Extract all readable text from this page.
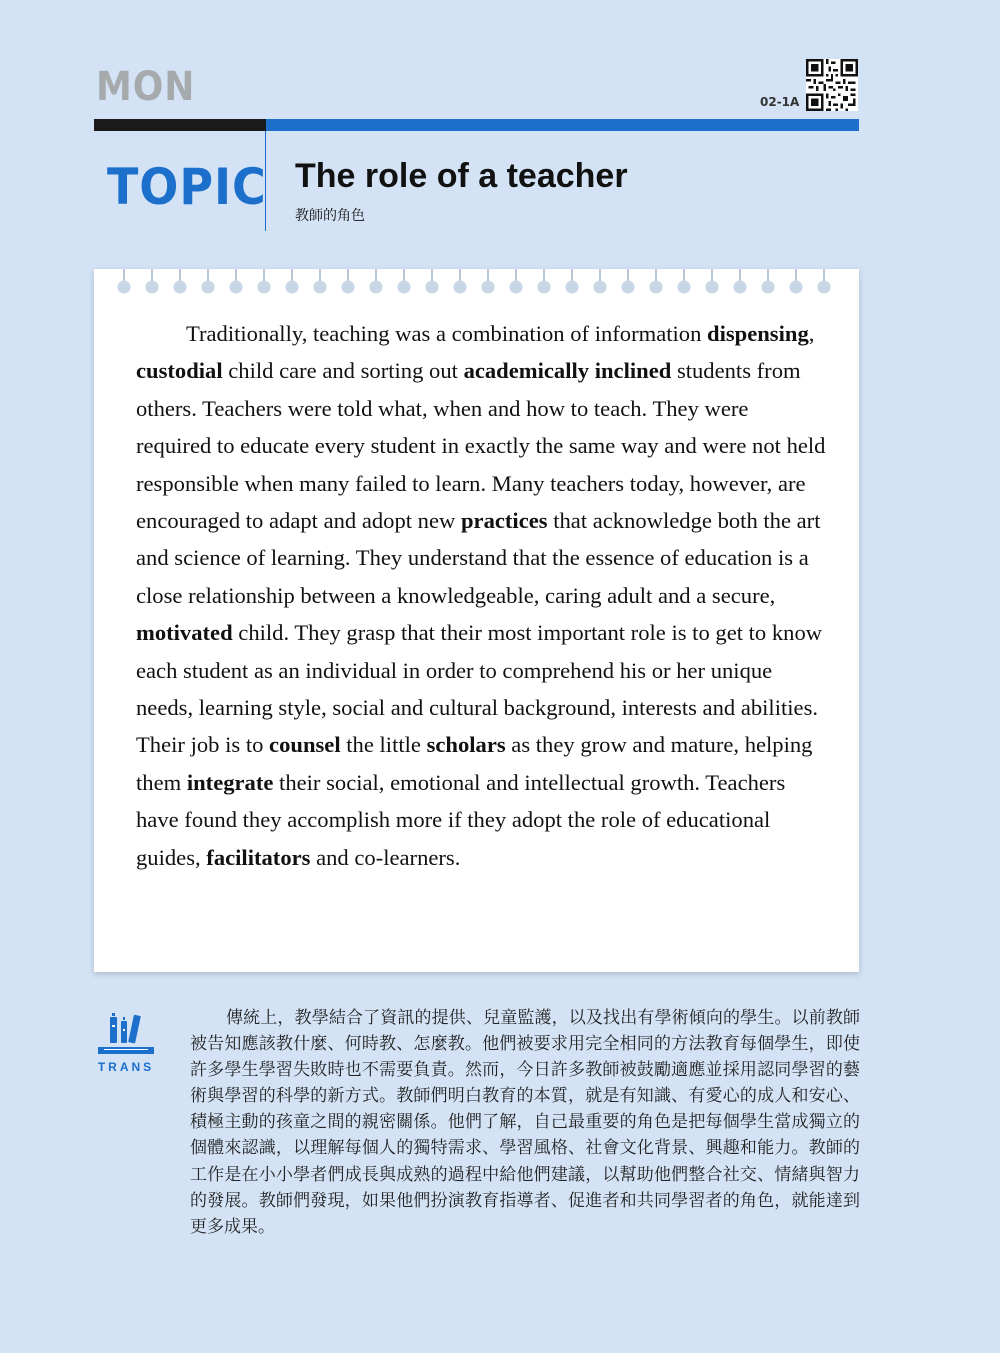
MON	02-1A
TOPIC The role of a teacher
教師的角色
Traditionally, teaching was a combination of information dispensing, custodial child care and sorting out academically inclined students from others. Teachers were told what, when and how to teach. They were required to educate every student in exactly the same way and were not held responsible when many failed to learn. Many teachers today, however, are encouraged to adapt and adopt new practices that acknowledge both the art and science of learning. They understand that the essence of education is a close relationship between a knowledgeable, caring adult and a secure, motivated child. They grasp that their most important role is to get to know each student as an individual in order to comprehend his or her unique needs, learning style, social and cultural background, interests and abilities. Their job is to counsel the little scholars as they grow and mature, helping them integrate their social, emotional and intellectual growth. Teachers have found they accomplish more if they adopt the role of educational guides, facilitators and co-learners.
TRANS
傳統上，教學結合了資訊的提供、兒童監護，以及找出有學術傾向的學生。以前教師被告知應該教什麼、何時教、怎麼教。他們被要求用完全相同的方法教育每個學生，即使許多學生學習失敗時也不需要負責。然而，今日許多教師被鼓勵適應並採用認同學習的藝術與學習的科學的新方式。教師們明白教育的本質，就是有知識、有愛心的成人和安心、積極主動的孩童之間的親密關係。他們了解，自己最重要的角色是把每個學生當成獨立的個體來認識，以理解每個人的獨特需求、學習風格、社會文化背景、興趣和能力。教師的工作是在小小學者們成長與成熟的過程中給他們建議，以幫助他們整合社交、情緒與智力的發展。教師們發現，如果他們扮演教育指導者、促進者和共同學習者的角色，就能達到更多成果。
